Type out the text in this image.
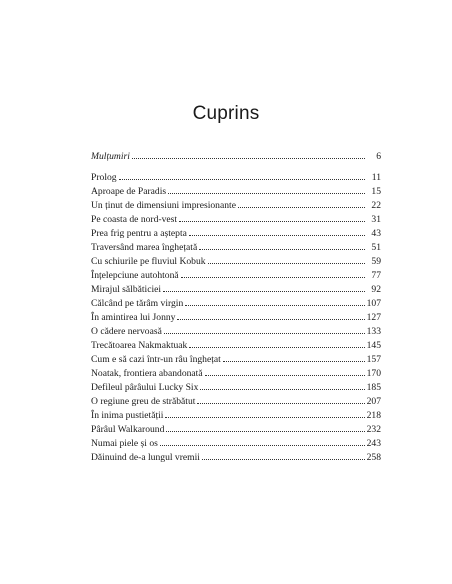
Cuprins
Mulțumiri	6
Prolog	11
Aproape de Paradis	15
Un ținut de dimensiuni impresionante	22
Pe coasta de nord-vest	31
Prea frig pentru a aștepta	43
Traversând marea înghețată	51
Cu schiurile pe fluviul Kobuk	59
Înțelepciune autohtonă	77
Mirajul sălbăticiei	92
Călcând pe tărâm virgin	107
În amintirea lui Jonny	127
O cădere nervoasă	133
Trecătoarea Nakmaktuak	145
Cum e să cazi într-un râu înghețat	157
Noatak, frontiera abandonată	170
Defileul pârâului Lucky Six	185
O regiune greu de străbătut	207
În inima pustietății	218
Pârâul Walkaround	232
Numai piele și os	243
Dăinuind de-a lungul vremii	258
